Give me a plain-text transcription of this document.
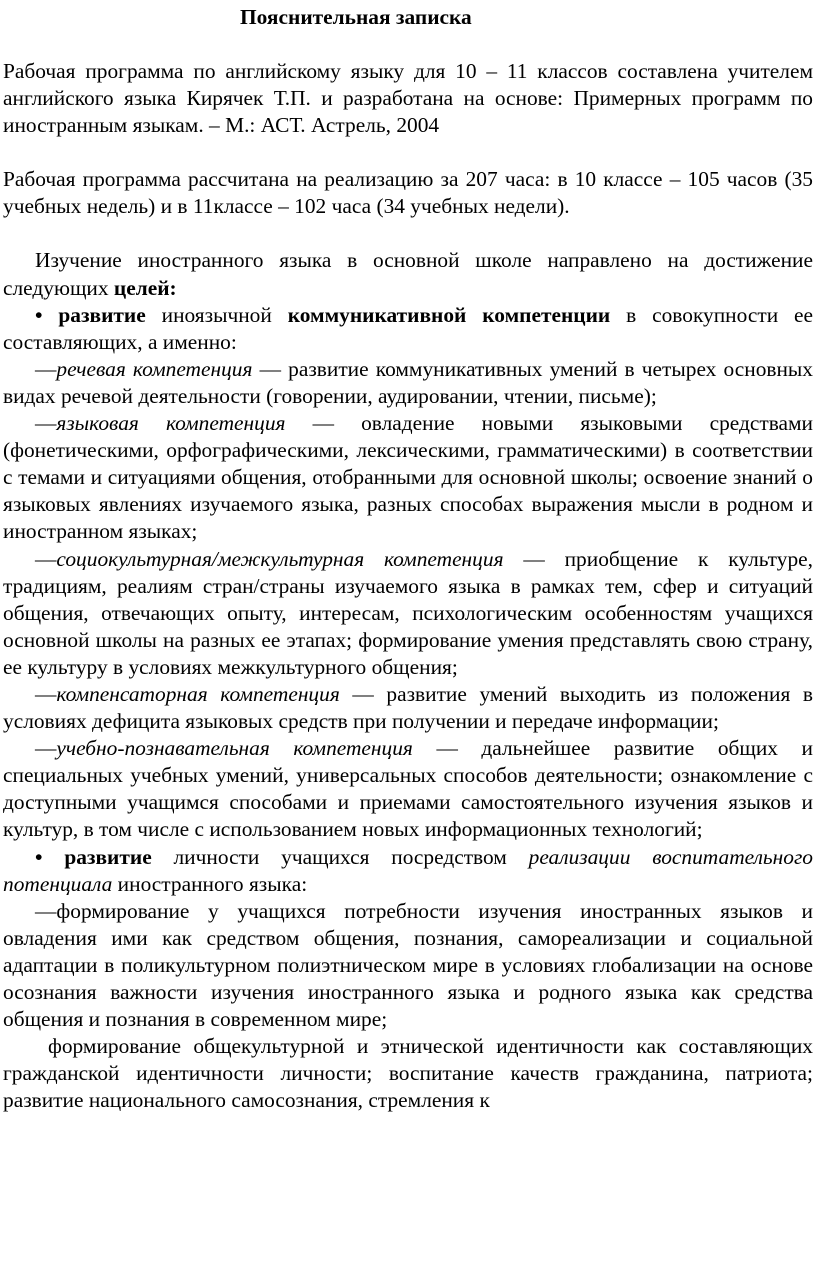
Пояснительная записка

Рабочая программа по английскому языку для 10 – 11 классов составлена учителем английского языка Кирячек Т.П. и разработана на основе: Примерных программ по иностранным языкам. – М.: АСТ. Астрель, 2004

Рабочая программа рассчитана на реализацию за 207 часа: в 10 классе – 105 часов (35 учебных недель) и в 11классе – 102 часа (34 учебных недели).

Изучение иностранного языка в основной школе направлено на достижение следующих целей:

• развитие иноязычной коммуникативной компетенции в совокупности ее составляющих, а именно:

—речевая компетенция — развитие коммуникативных умений в четырех основных видах речевой деятельности (говорении, аудировании, чтении, письме);

—языковая компетенция — овладение новыми языковыми средствами (фонетическими, орфографическими, лексическими, грамматическими) в соответствии c темами и ситуациями общения, отобранными для основной школы; освоение знаний о языковых явлениях изучаемого языка, разных способах выражения мысли в родном и иностранном языках;

—социокультурная/межкультурная компетенция — приобщение к культуре, традициям, реалиям стран/страны изучаемого языка в рамках тем, сфер и ситуаций общения, отвечающих опыту, интересам, психологическим особенностям учащихся основной школы на разных ее этапах; формирование умения представлять свою страну, ее культуру в условиях межкультурного общения;

—компенсаторная компетенция — развитие умений выходить из положения в условиях дефицита языковых средств при получении и передаче информации;

—учебно-познавательная компетенция — дальнейшее развитие общих и специальных учебных умений, универсальных способов деятельности; ознакомление с доступными учащимся способами и приемами самостоятельного изучения языков и культур, в том числе с использованием новых информационных технологий;

• развитие личности учащихся посредством реализации воспитательного потенциала иностранного языка:

—формирование у учащихся потребности изучения иностранных языков и овладения ими как средством общения, познания, самореализации и социальной адаптации в поликультурном полиэтническом мире в условиях глобализации на основе осознания важности изучения иностранного языка и родного языка как средства общения и познания в современном мире;

формирование общекультурной и этнической идентичности как составляющих гражданской идентичности личности; воспитание качеств гражданина, патриота; развитие национального самосознания, стремления к
